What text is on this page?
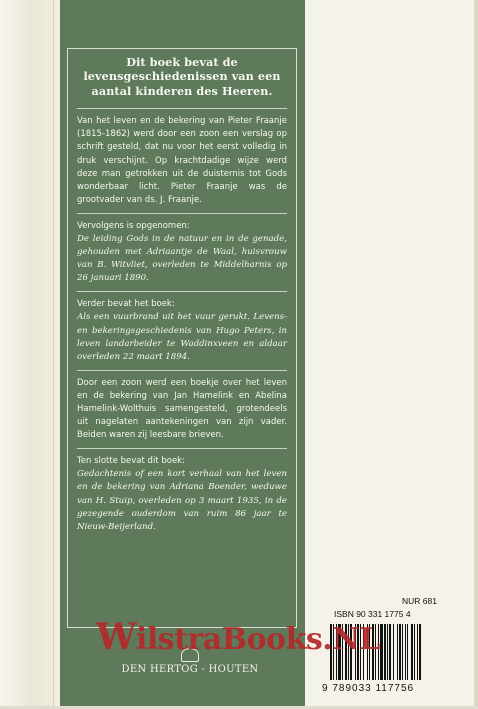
Dit boek bevat de levensgeschiedenissen van een aantal kinderen des Heeren.

Van het leven en de bekering van Pieter Fraanje (1815-1862) werd door een zoon een verslag op schrift gesteld, dat nu voor het eerst volledig in druk verschijnt. Op krachtdadige wijze werd deze man getrokken uit de duisternis tot Gods wonderbaar licht. Pieter Fraanje was de grootvader van ds. J. Fraanje.

Vervolgens is opgenomen:

De leiding Gods in de natuur en in de genade, gehouden met Adriaantje de Waal, huisvrouw van B. Witvliet, overleden te Middelharnis op 26 januari 1890.

Verder bevat het boek:

Als een vuurbrand uit het vuur gerukt. Levens- en bekeringsgeschiedenis van Hugo Peters, in leven landarbeider te Waddinxveen en aldaar overleden 22 maart 1894.

Door een zoon werd een boekje over het leven en de bekering van Jan Hamelink en Abelina Hamelink-Wolthuis samengesteld, grotendeels uit nagelaten aantekeningen van zijn vader. Beiden waren zij leesbare brieven.

Ten slotte bevat dit boek:

Gedachtenis of een kort verhaal van het leven en de bekering van Adriana Boender, weduwe van H. Stuip, overleden op 3 maart 1935, in de gezegende ouderdom van ruim 86 jaar te Nieuw-Beijerland.

DEN HERTOG - HOUTEN
NUR 681
ISBN 90 331 1775 4
9 789033 117756
WilstraBooks.NL
